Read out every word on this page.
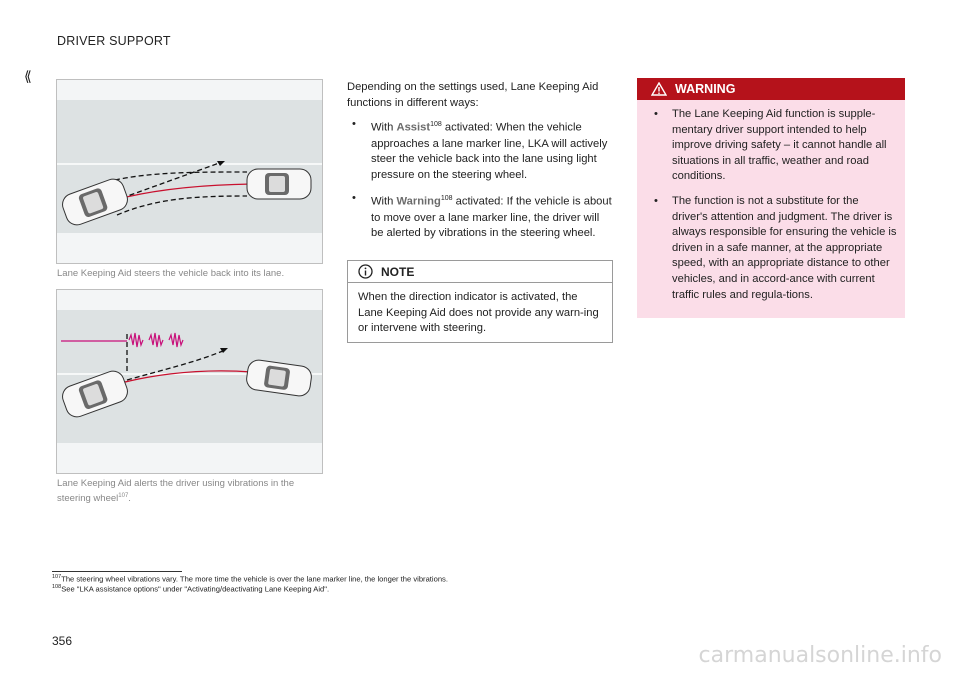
DRIVER SUPPORT
⟪
Lane Keeping Aid steers the vehicle back into its lane.
Lane Keeping Aid alerts the driver using vibrations in the steering wheel$^{107}$.

Depending on the settings used, Lane Keeping Aid functions in different ways:

• With Assist$^{108}$ activated: When the vehicle approaches a lane marker line, LKA will actively steer the vehicle back into the lane using light pressure on the steering wheel.
• With Warning$^{108}$ activated: If the vehicle is about to move over a lane marker line, the driver will be alerted by vibrations in the steering wheel.
NOTE
When the direction indicator is activated, the Lane Keeping Aid does not provide any warn-ing or intervene with steering.
WARNING
• The Lane Keeping Aid function is supple-mentary driver support intended to help improve driving safety – it cannot handle all situations in all traffic, weather and road conditions.
• The function is not a substitute for the driver's attention and judgment. The driver is always responsible for ensuring the vehicle is driven in a safe manner, at the appropriate speed, with an appropriate distance to other vehicles, and in accord-ance with current traffic rules and regula-tions.
$^{107}$The steering wheel vibrations vary. The more time the vehicle is over the lane marker line, the longer the vibrations.
$^{108}$See "LKA assistance options" under "Activating/deactivating Lane Keeping Aid".
356
carmanualsonline.info
